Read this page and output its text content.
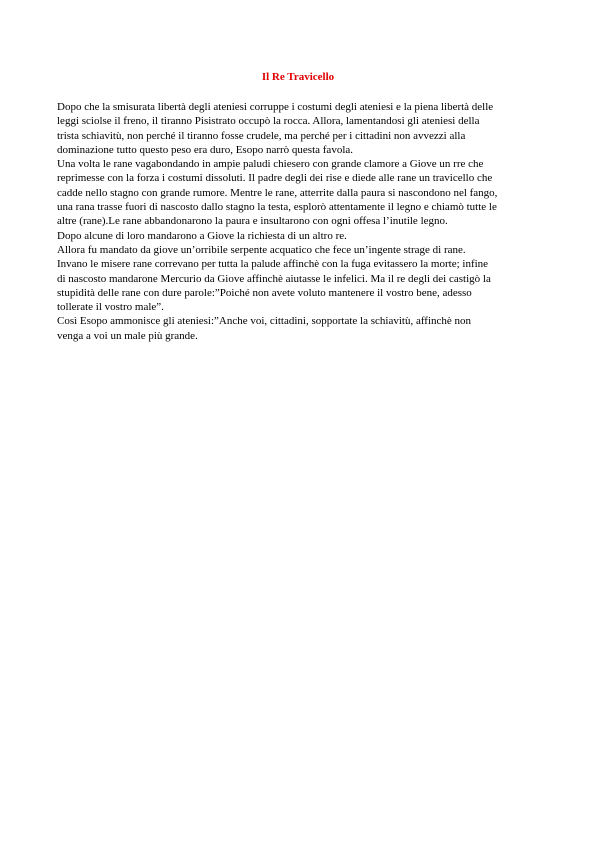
Il Re Travicello
Dopo che la smisurata libertà degli ateniesi corruppe i costumi degli ateniesi e la piena libertà delle
leggi sciolse il freno, il tiranno Pisistrato occupò la rocca. Allora, lamentandosi gli ateniesi della
trista schiavitù, non perché il tiranno fosse crudele, ma perché per i cittadini non avvezzi alla
dominazione tutto questo peso era duro, Esopo narrò questa favola.
Una volta le rane vagabondando in ampie paludi chiesero con grande clamore a Giove un rre che
reprimesse con la forza i costumi dissoluti. Il padre degli dei rise e diede alle rane un travicello che
cadde nello stagno con grande rumore. Mentre le rane, atterrite dalla paura si nascondono nel fango,
una rana trasse fuori di nascosto dallo stagno la testa, esplorò attentamente il legno e chiamò tutte le
altre (rane).Le rane abbandonarono la paura e insultarono con ogni offesa l’inutile legno.
Dopo alcune di loro mandarono a Giove la richiesta di un altro re.
Allora fu mandato da giove un’orribile serpente acquatico che fece un’ingente strage di rane.
Invano le misere rane correvano per tutta la palude affinchè con la fuga evitassero la morte; infine
di nascosto mandarone Mercurio da Giove affinchè aiutasse le infelici. Ma il re degli dei castigò la
stupidità delle rane con dure parole:”Poiché non avete voluto mantenere il vostro bene, adesso
tollerate il vostro male”.
Così Esopo ammonisce gli ateniesi:”Anche voi, cittadini, sopportate la schiavitù, affinchè non
venga a voi un male più grande.
